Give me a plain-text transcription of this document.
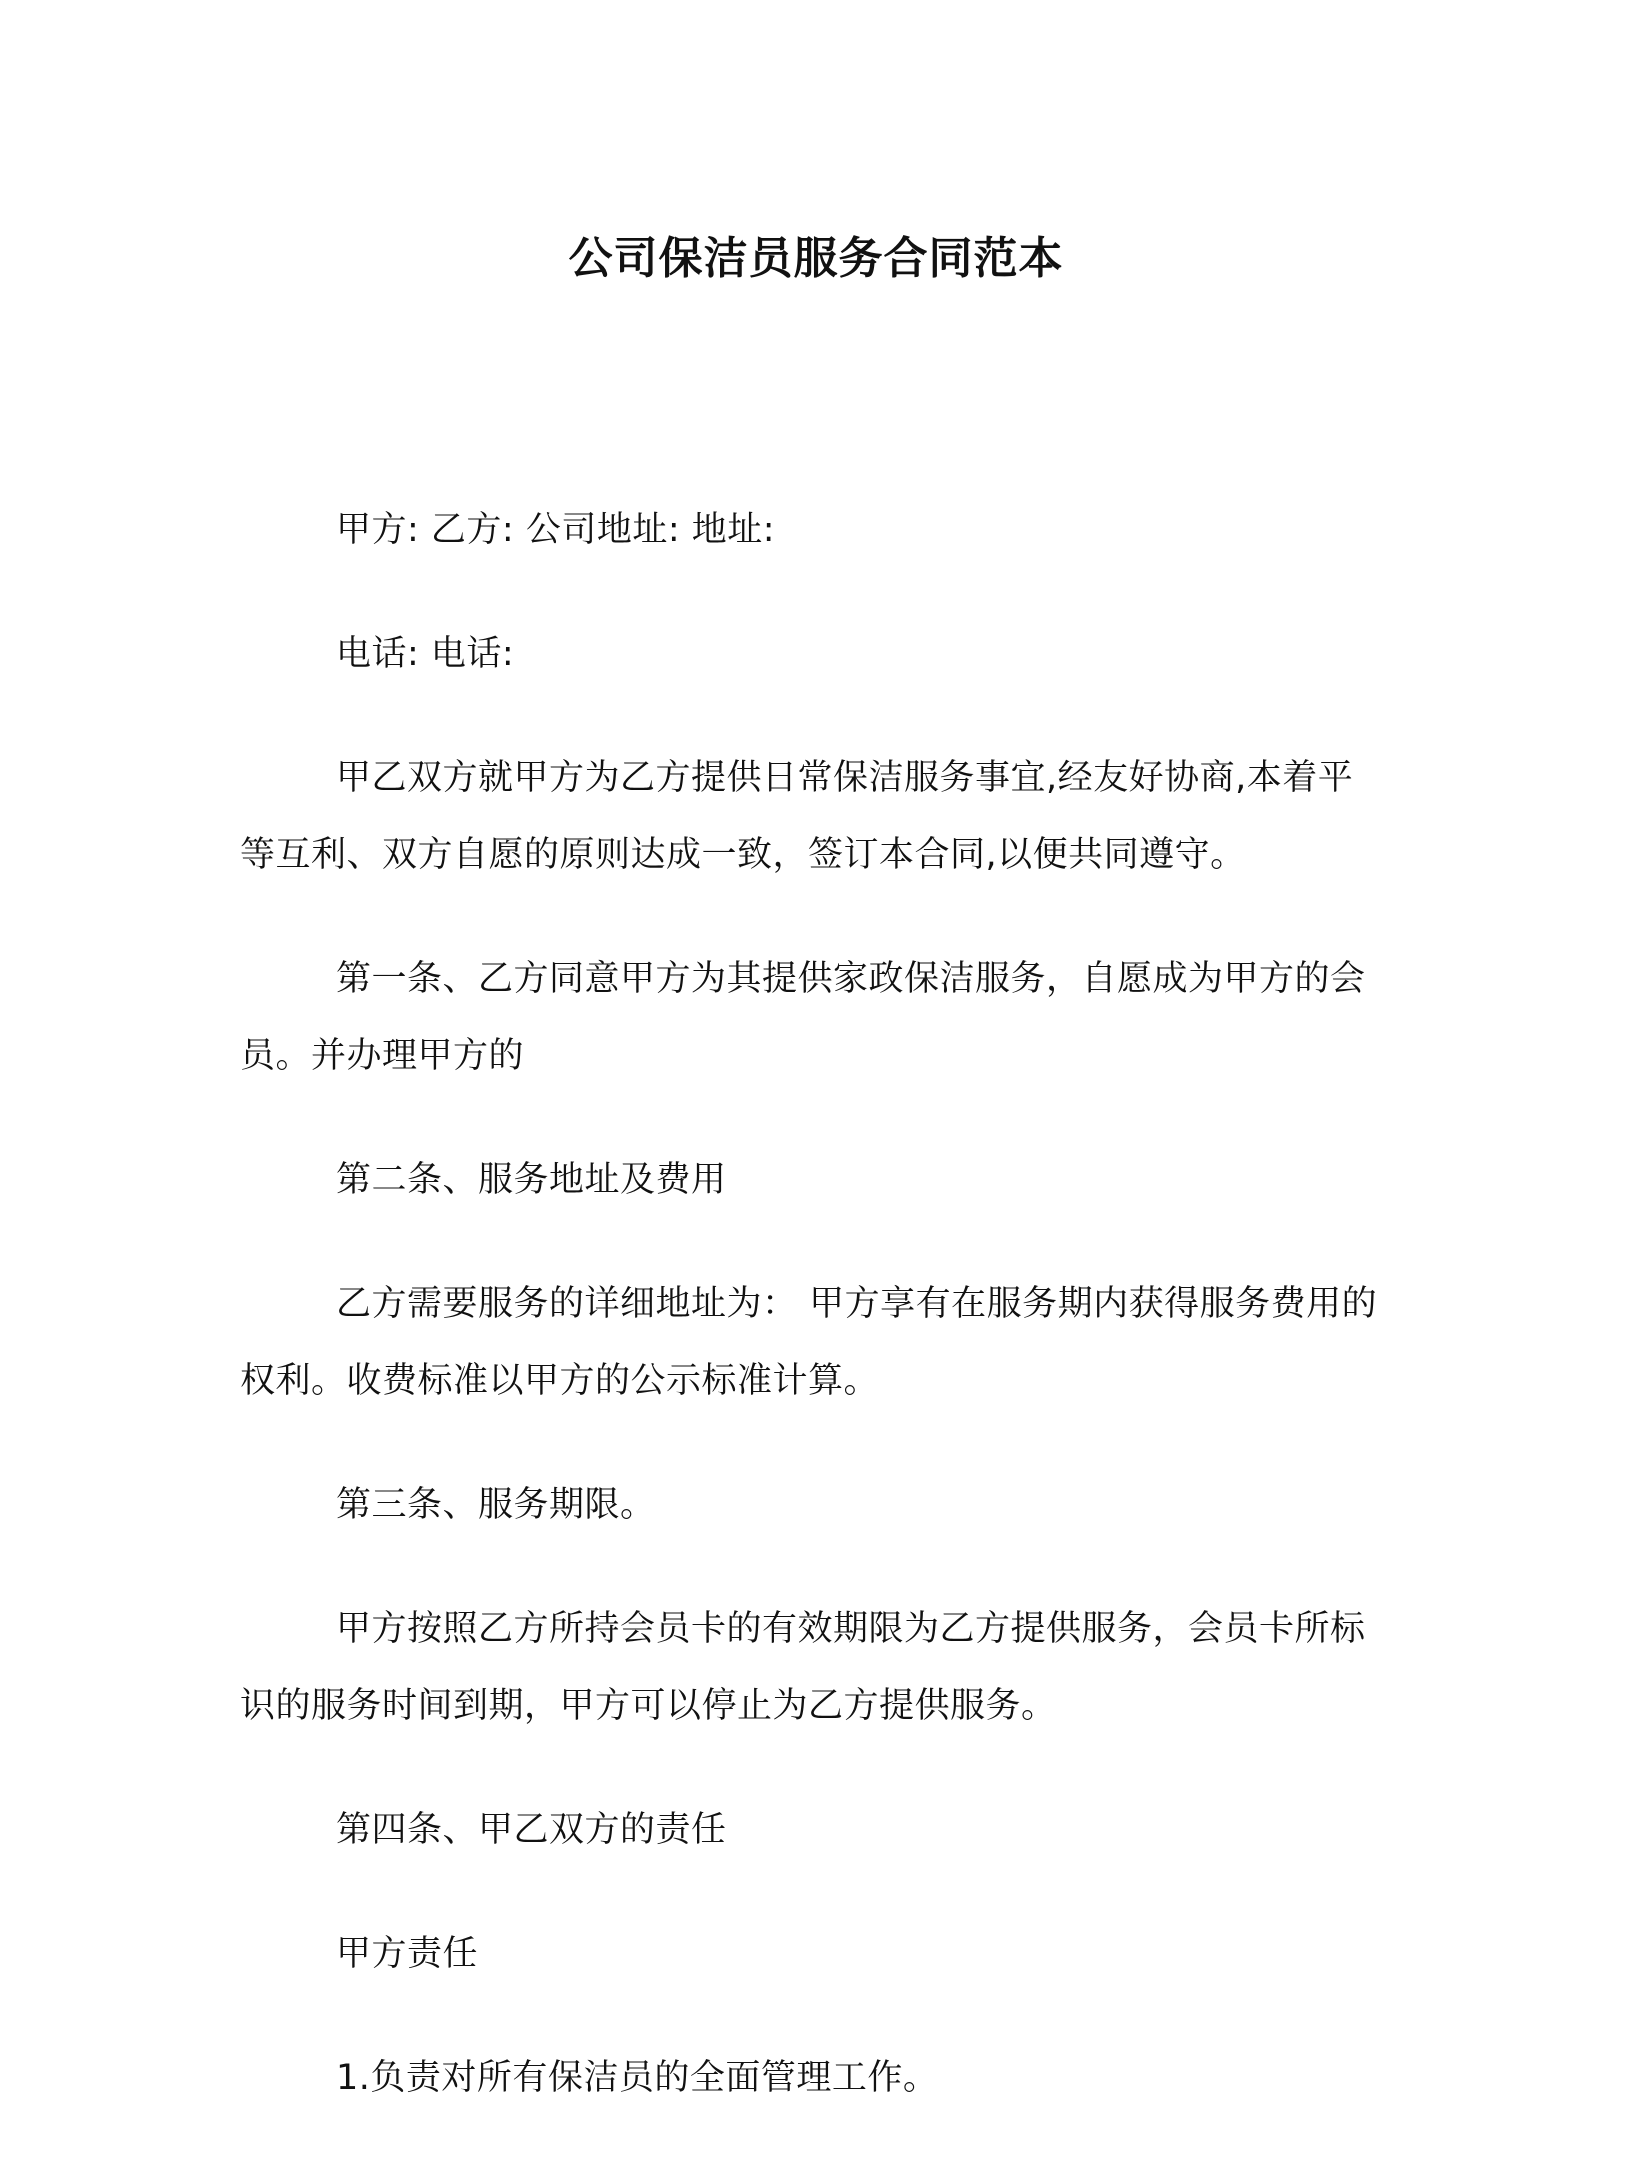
公司保洁员服务合同范本

甲方: 乙方: 公司地址: 地址:

电话: 电话:

甲乙双方就甲方为乙方提供日常保洁服务事宜,经友好协商,本着平等互利、双方自愿的原则达成一致，签订本合同,以便共同遵守。

第一条、乙方同意甲方为其提供家政保洁服务，自愿成为甲方的会员。并办理甲方的

第二条、服务地址及费用

乙方需要服务的详细地址为： 甲方享有在服务期内获得服务费用的权利。收费标准以甲方的公示标准计算。

第三条、服务期限。

甲方按照乙方所持会员卡的有效期限为乙方提供服务，会员卡所标识的服务时间到期，甲方可以停止为乙方提供服务。

第四条、甲乙双方的责任

甲方责任

1.负责对所有保洁员的全面管理工作。
